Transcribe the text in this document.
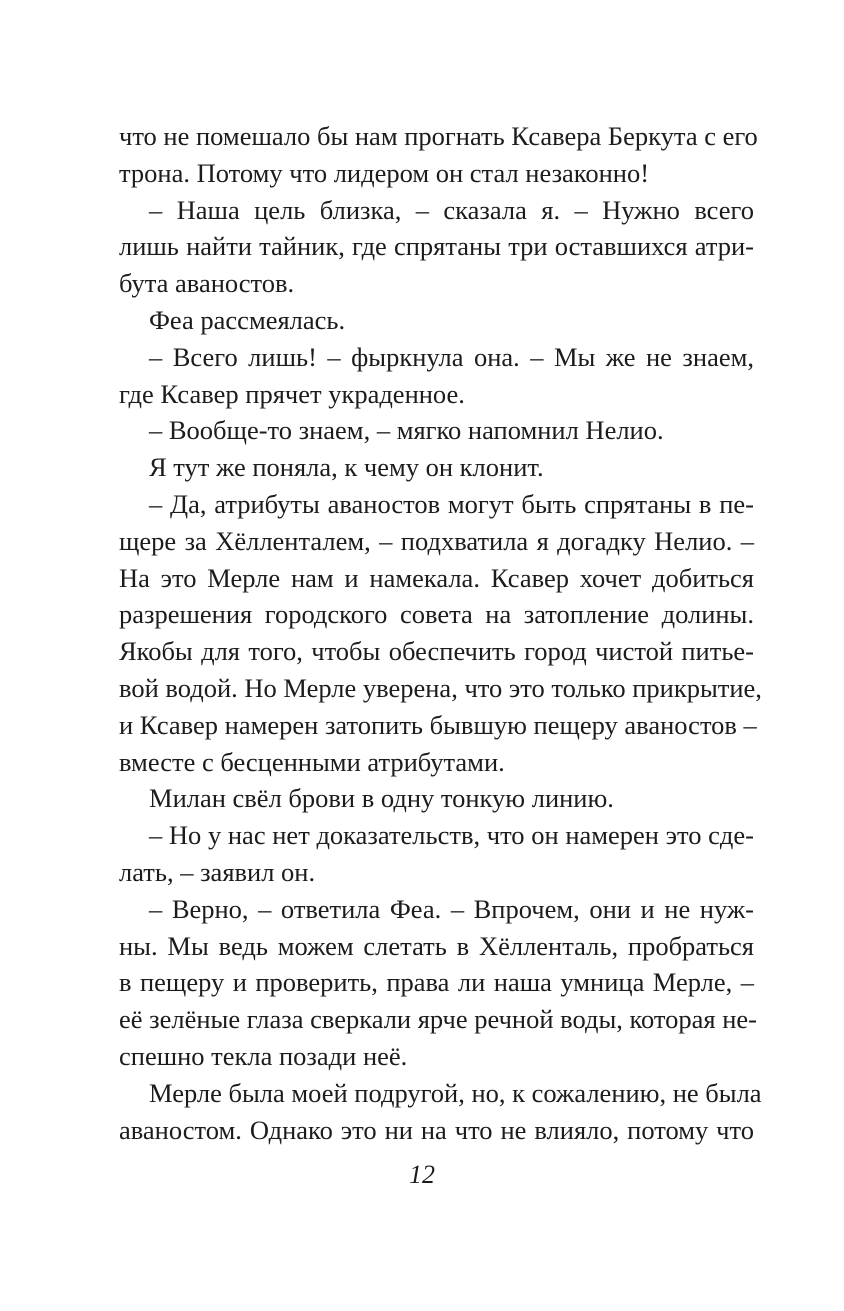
что не помешало бы нам прогнать Ксавера Беркута с его
трона. Потому что лидером он стал незаконно!
– Наша цель близка, – сказала я. – Нужно всего
лишь найти тайник, где спрятаны три оставшихся атри-
бута аваностов.
Феа рассмеялась.
– Всего лишь! – фыркнула она. – Мы же не знаем,
где Ксавер прячет украденное.
– Вообще-то знаем, – мягко напомнил Нелио.
Я тут же поняла, к чему он клонит.
– Да, атрибуты аваностов могут быть спрятаны в пе-
щере за Хёлленталем, – подхватила я догадку Нелио. –
На это Мерле нам и намекала. Ксавер хочет добиться
разрешения городского совета на затопление долины.
Якобы для того, чтобы обеспечить город чистой питье-
вой водой. Но Мерле уверена, что это только прикрытие,
и Ксавер намерен затопить бывшую пещеру аваностов –
вместе с бесценными атрибутами.
Милан свёл брови в одну тонкую линию.
– Но у нас нет доказательств, что он намерен это сде-
лать, – заявил он.
– Верно, – ответила Феа. – Впрочем, они и не нуж-
ны. Мы ведь можем слетать в Хёлленталь, пробраться
в пещеру и проверить, права ли наша умница Мерле, –
её зелёные глаза сверкали ярче речной воды, которая не-
спешно текла позади неё.
Мерле была моей подругой, но, к сожалению, не была
аваностом. Однако это ни на что не влияло, потому что
12
